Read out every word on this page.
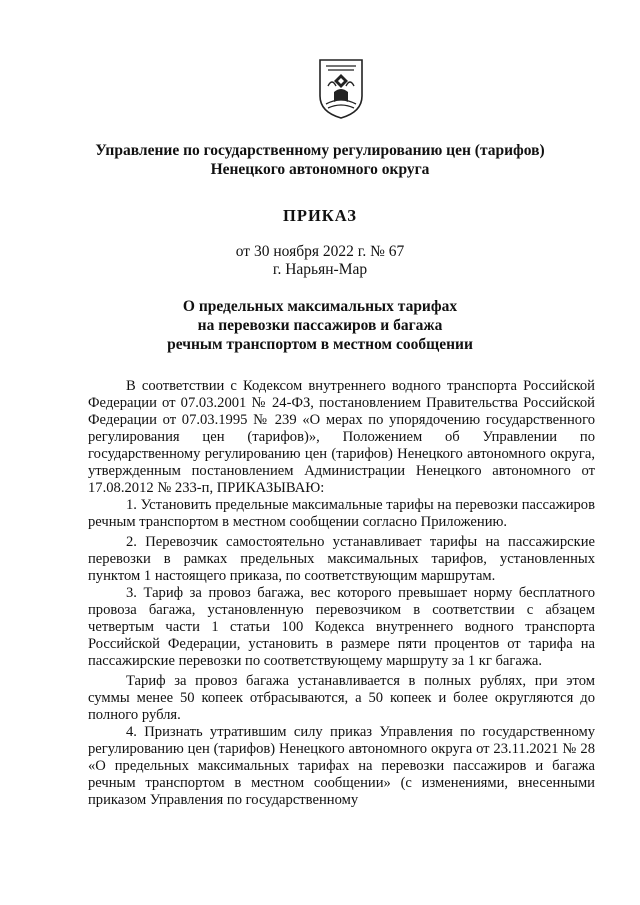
Управление по государственному регулированию цен (тарифов)
Ненецкого автономного округа
ПРИКАЗ
от 30 ноября 2022 г. № 67
г. Нарьян-Мар
О предельных максимальных тарифах
на перевозки пассажиров и багажа
речным транспортом в местном сообщении

В соответствии с Кодексом внутреннего водного транспорта Российской Федерации от 07.03.2001 № 24-ФЗ, постановлением Правительства Российской Федерации от 07.03.1995 № 239 «О мерах по упорядочению государственного регулирования цен (тарифов)», Положением об Управлении по государственному регулированию цен (тарифов) Ненецкого автономного округа, утвержденным постановлением Администрации Ненецкого автономного от 17.08.2012 № 233-п, ПРИКАЗЫВАЮ:

1. Установить предельные максимальные тарифы на перевозки пассажиров речным транспортом в местном сообщении согласно Приложению.

2. Перевозчик самостоятельно устанавливает тарифы на пассажирские перевозки в рамках предельных максимальных тарифов, установленных пунктом 1 настоящего приказа, по соответствующим маршрутам.

3. Тариф за провоз багажа, вес которого превышает норму бесплатного провоза багажа, установленную перевозчиком в соответствии с абзацем четвертым части 1 статьи 100 Кодекса внутреннего водного транспорта Российской Федерации, установить в размере пяти процентов от тарифа на пассажирские перевозки по соответствующему маршруту за 1 кг багажа.

Тариф за провоз багажа устанавливается в полных рублях, при этом суммы менее 50 копеек отбрасываются, а 50 копеек и более округляются до полного рубля.

4. Признать утратившим силу приказ Управления по государственному регулированию цен (тарифов) Ненецкого автономного округа от 23.11.2021 № 28 «О предельных максимальных тарифах на перевозки пассажиров и багажа речным транспортом в местном сообщении» (с изменениями, внесенными приказом Управления по государственному
